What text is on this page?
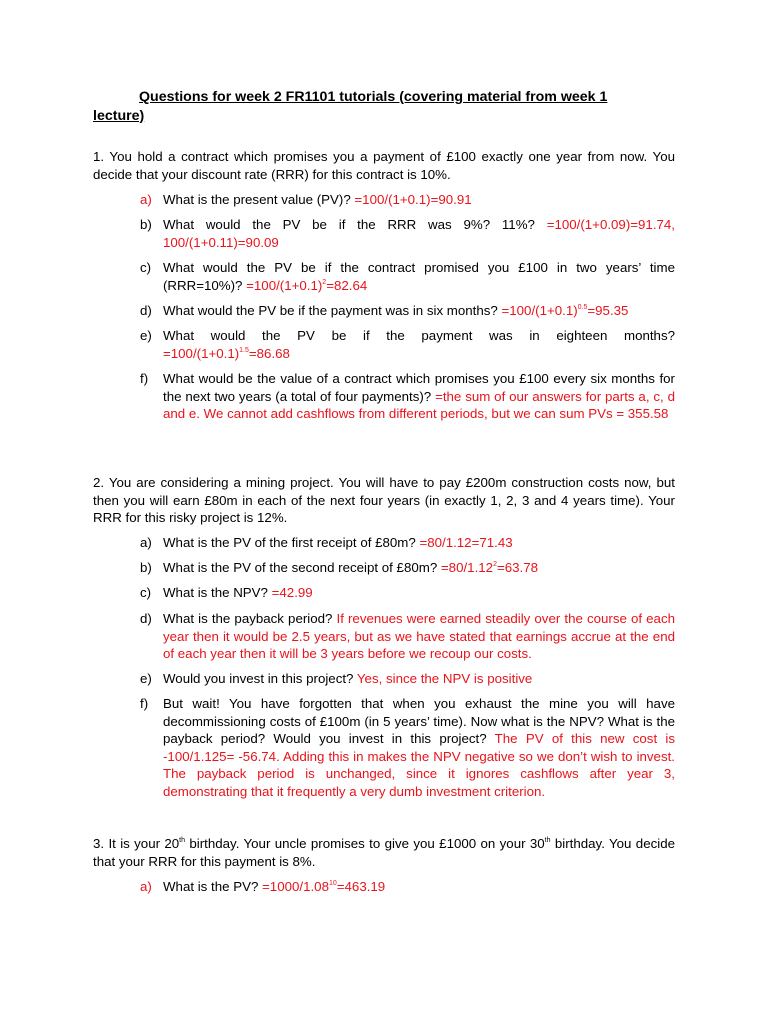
Questions for week 2 FR1101 tutorials (covering material from week 1
lecture)
1. You hold a contract which promises you a payment of £100 exactly one year from now. You decide that your discount rate (RRR) for this contract is 10%.
a) What is the present value (PV)? =100/(1+0.1)=90.91
b) What would the PV be if the RRR was 9%? 11%? =100/(1+0.09)=91.74, 100/(1+0.11)=90.09
c) What would the PV be if the contract promised you £100 in two years’ time (RRR=10%)? $=100/(1+0.1)^2=82.64$
d) What would the PV be if the payment was in six months? $=100/(1+0.1)^{0.5}=95.35$
e) What would the PV be if the payment was in eighteen months?
$=100/(1+0.1)^{1.5}=86.68$
f)	What would be the value of a contract which promises you £100 every six months for the next two years (a total of four payments)? =the sum of our answers for parts a, c, d and e. We cannot add cashflows from different periods, but we can sum PVs = 355.58
2. You are considering a mining project. You will have to pay £200m construction costs now, but then you will earn £80m in each of the next four years (in exactly 1, 2, 3 and 4 years time). Your RRR for this risky project is 12%.
a) What is the PV of the first receipt of £80m? =80/1.12=71.43
b) What is the PV of the second receipt of £80m? $=80/1.12^2=63.78$
c) What is the NPV? =42.99
d) What is the payback period? If revenues were earned steadily over the course of each year then it would be 2.5 years, but as we have stated that earnings accrue at the end of each year then it will be 3 years before we recoup our costs.
e) Would you invest in this project? Yes, since the NPV is positive
f)	But wait! You have forgotten that when you exhaust the mine you will have decommissioning costs of £100m (in 5 years’ time). Now what is the NPV? What is the payback period? Would you invest in this project? The PV of this new cost is -100/1.125= -56.74. Adding this in makes the NPV negative so we don’t wish to invest. The payback period is unchanged, since it ignores cashflows after year 3, demonstrating that it frequently a very dumb investment criterion.
3. It is your 20th birthday. Your uncle promises to give you £1000 on your 30th birthday. You decide that your RRR for this payment is 8%.
a) What is the PV? $=1000/1.08^{10}=463.19$
